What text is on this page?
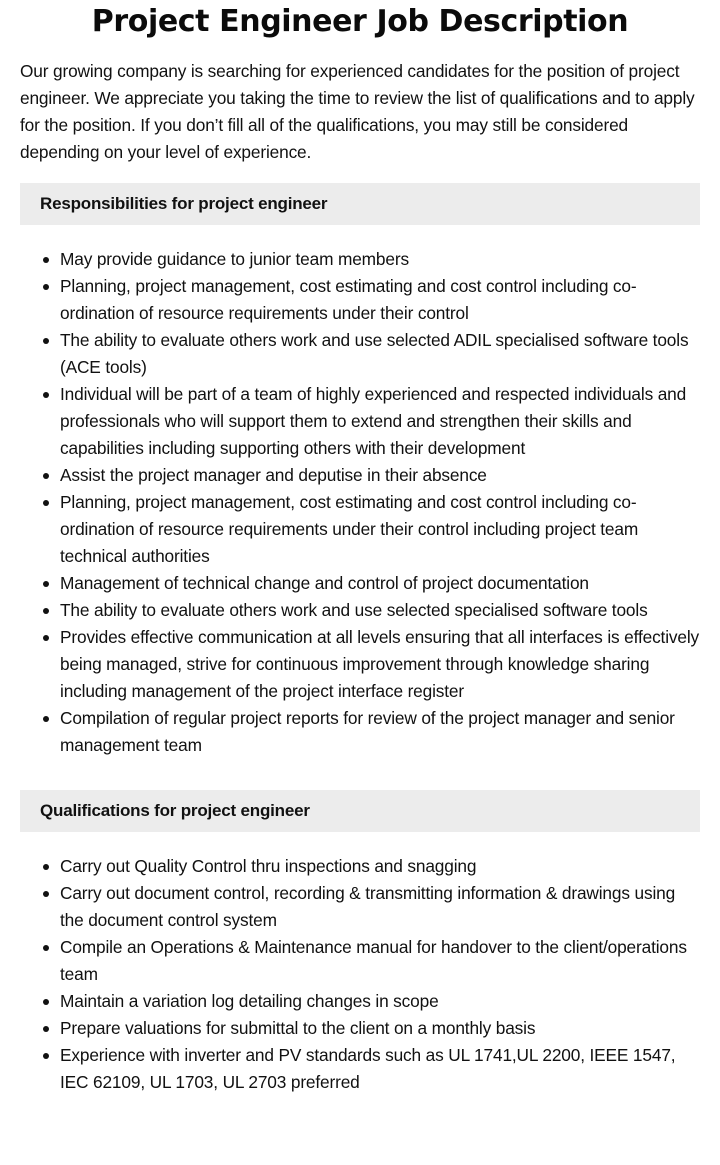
Project Engineer Job Description

Our growing company is searching for experienced candidates for the position of project engineer. We appreciate you taking the time to review the list of qualifications and to apply for the position. If you don’t fill all of the qualifications, you may still be considered depending on your level of experience.

Responsibilities for project engineer
May provide guidance to junior team members
Planning, project management, cost estimating and cost control including co-ordination of resource requirements under their control
The ability to evaluate others work and use selected ADIL specialised software tools (ACE tools)
Individual will be part of a team of highly experienced and respected individuals and professionals who will support them to extend and strengthen their skills and capabilities including supporting others with their development
Assist the project manager and deputise in their absence
Planning, project management, cost estimating and cost control including co-ordination of resource requirements under their control including project team technical authorities
Management of technical change and control of project documentation
The ability to evaluate others work and use selected specialised software tools
Provides effective communication at all levels ensuring that all interfaces is effectively being managed, strive for continuous improvement through knowledge sharing including management of the project interface register
Compilation of regular project reports for review of the project manager and senior management team
Qualifications for project engineer
Carry out Quality Control thru inspections and snagging
Carry out document control, recording & transmitting information & drawings using the document control system
Compile an Operations & Maintenance manual for handover to the client/operations team
Maintain a variation log detailing changes in scope
Prepare valuations for submittal to the client on a monthly basis
Experience with inverter and PV standards such as UL 1741,UL 2200, IEEE 1547, IEC 62109, UL 1703, UL 2703 preferred
